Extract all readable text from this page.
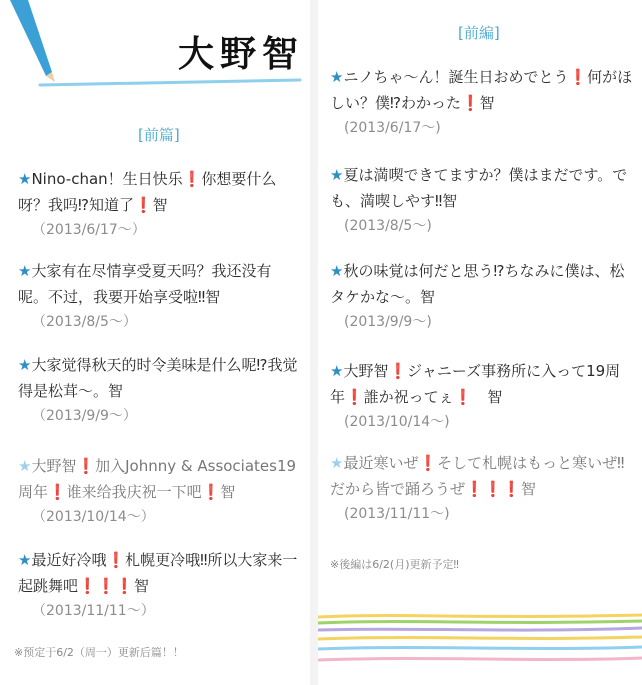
大野智
[前篇]
★Nino-chan！生日快乐❗你想要什么呀？我吗⁉知道了❗智
（2013/6/17〜）
★大家有在尽情享受夏天吗？我还没有呢。不过，我要开始享受啦‼智
（2013/8/5〜）
★大家觉得秋天的时令美味是什么呢⁉我觉得是松茸〜。智
（2013/9/9〜）
★大野智❗加入Johnny & Associates19周年❗谁来给我庆祝一下吧❗智
（2013/10/14〜）
★最近好冷哦❗札幌更冷哦‼所以大家来一起跳舞吧❗❗❗智
（2013/11/11〜）
※预定于6/2（周一）更新后篇！！
[前編]
★ニノちゃ〜ん！誕生日おめでとう❗何がほしい？僕⁉わかった❗智
(2013/6/17〜)
★夏は満喫できてますか？僕はまだです。でも、満喫しやす‼智
(2013/8/5〜)
★秋の味覚は何だと思う⁉ちなみに僕は、松タケかな〜。智
(2013/9/9〜)
★大野智❗ジャニーズ事務所に入って19周年❗誰か祝ってぇ❗　智
(2013/10/14〜)
★最近寒いぜ❗そして札幌はもっと寒いぜ‼だから皆で踊ろうぜ❗❗❗智
(2013/11/11〜)
※後編は6/2(月)更新予定‼
